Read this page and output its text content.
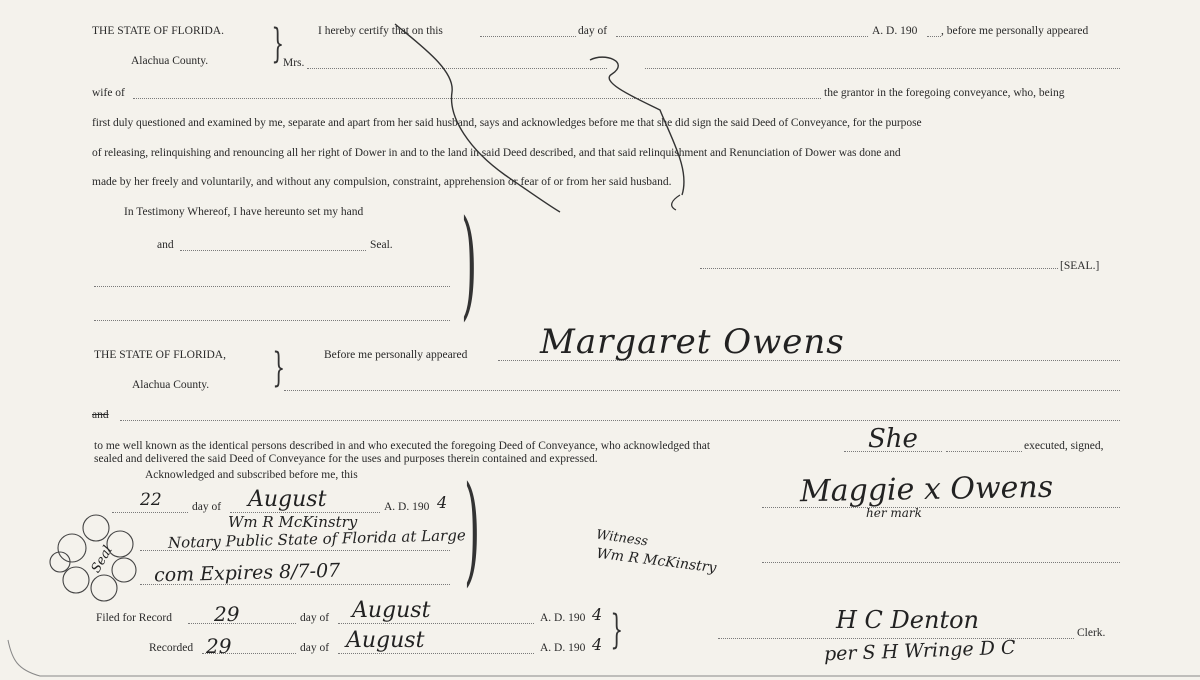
THE STATE OF FLORIDA.
Alachua County. }	I hereby certify that on this	day of	A. D. 190 , before me personally appeared
Mrs.
wife of	the grantor in the foregoing conveyance, who, being
first duly questioned and examined by me, separate and apart from her said husband, says and acknowledges before me that she did sign the said Deed of Conveyance, for the purpose
of releasing, relinquishing and renouncing all her right of Dower in and to the land in said Deed described, and that said relinquishment and Renunciation of Dower was done and
made by her freely and voluntarily, and without any compulsion, constraint, apprehension or fear of or from her said husband.
In Testimony Whereof, I have hereunto set my hand
and	Seal. )	[SEAL.]
THE STATE OF FLORIDA,
Alachua County. }	Before me personally appeared
and
to me well known as the identical persons described in and who executed the foregoing Deed of Conveyance, who acknowledged that	executed, signed,
sealed and delivered the said Deed of Conveyance for the uses and purposes therein contained and expressed.
Acknowledged and subscribed before me, this
day of	A. D. 190 )
Filed for Record	day of	A. D. 190
Recorded	day of	A. D. 190 }	Clerk.
Margaret Owens
She
22	August	4
Wm R McKinstry
Notary Public State of Florida at Large
com Expires 8/7-07
Maggie x Owens
her mark
Witness
Wm R McKinstry
29	August	4
29	August	4
H C Denton
per S H Wringe D C
Seal
